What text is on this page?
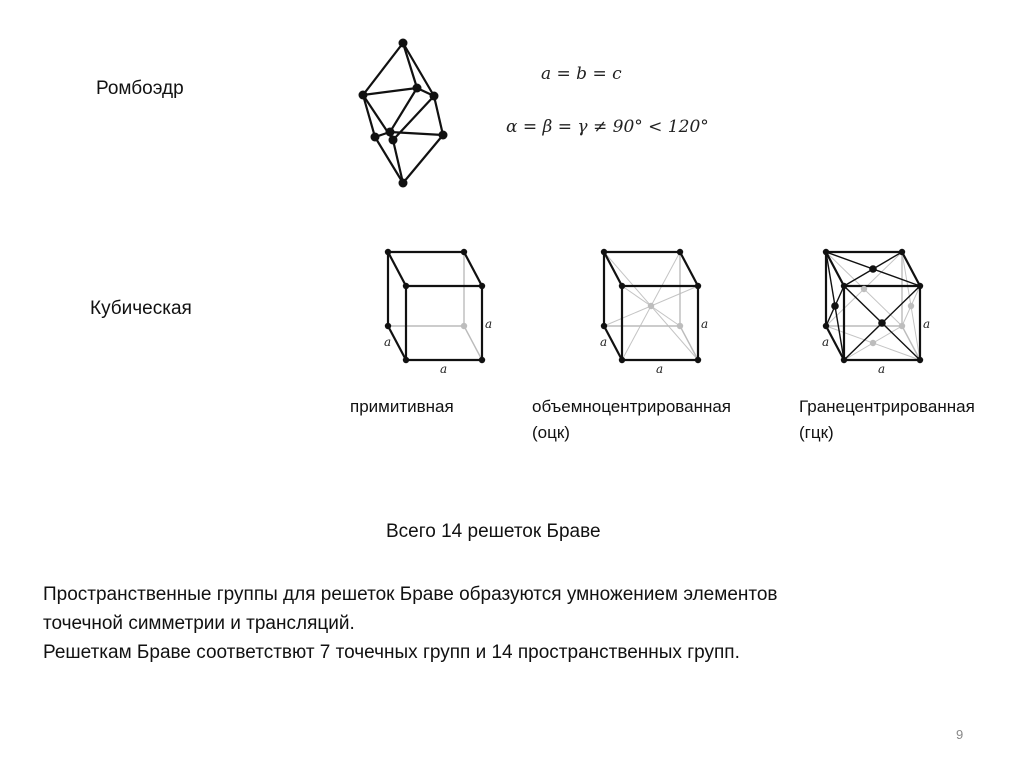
Ромбоэдр
a = b = c
α = β = γ ≠ 90° < 120°
Кубическая
a
a
a
a
a
a
a
a
a
примитивная	объемноцентрированная
(оцк)
Гранецентрированная
(гцк)
Всего 14 решеток Браве
Пространственные группы для решеток Браве образуются умножением элементов
точечной симметрии и трансляций.
Решеткам Браве соответствют 7 точечных групп и 14 пространственных групп.
9
